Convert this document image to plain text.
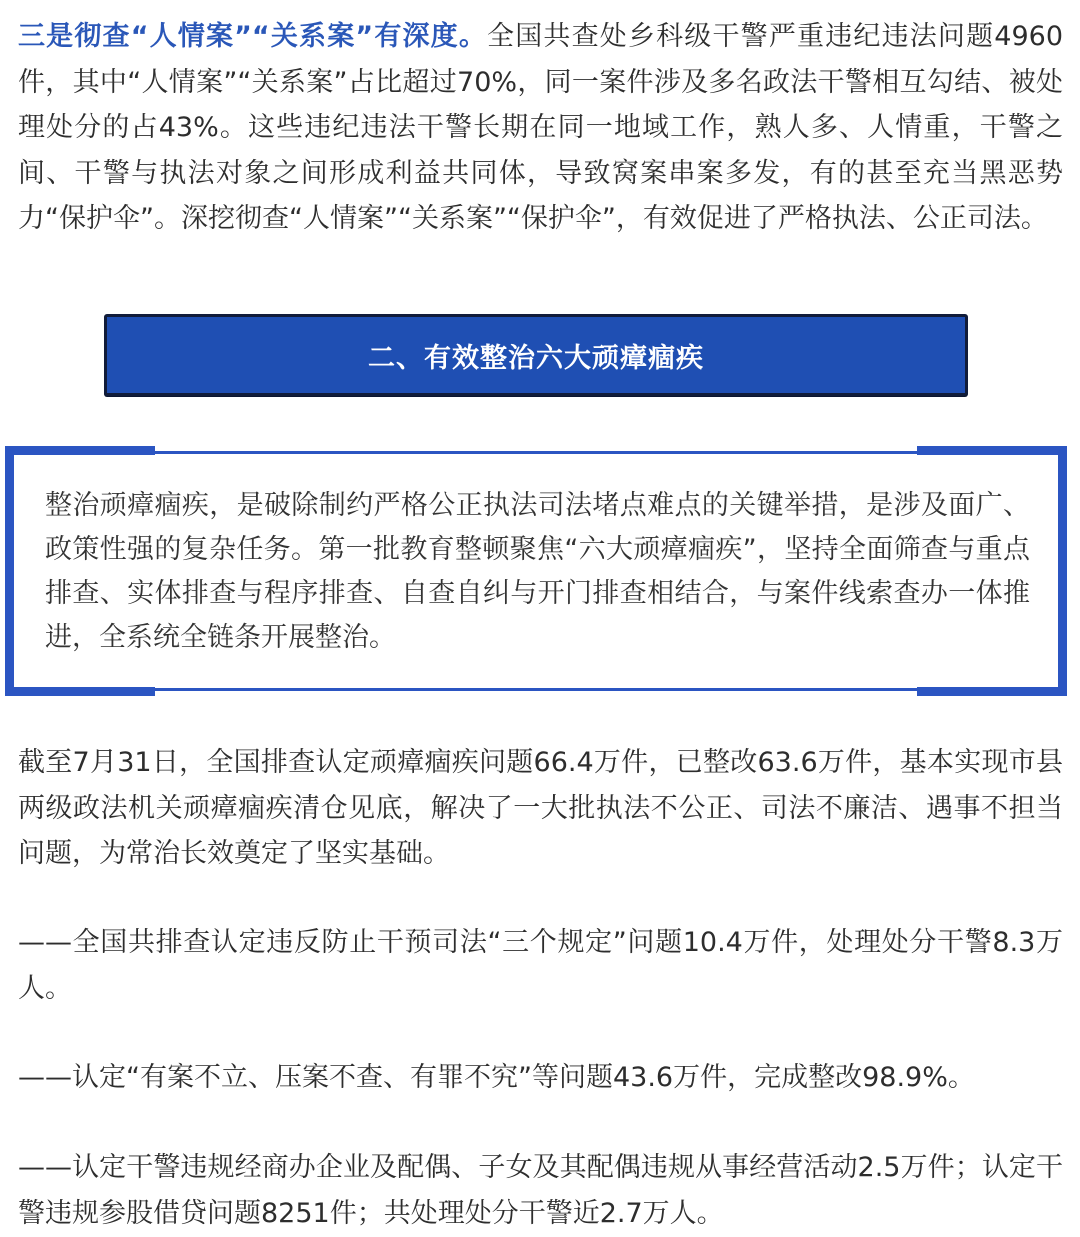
三是彻查“人情案”“关系案”有深度。全国共查处乡科级干警严重违纪违法问题4960件，其中“人情案”“关系案”占比超过70%，同一案件涉及多名政法干警相互勾结、被处理处分的占43%。这些违纪违法干警长期在同一地域工作，熟人多、人情重，干警之间、干警与执法对象之间形成利益共同体，导致窝案串案多发，有的甚至充当黑恶势力“保护伞”。深挖彻查“人情案”“关系案”“保护伞”，有效促进了严格执法、公正司法。

二、有效整治六大顽瘴痼疾

整治顽瘴痼疾，是破除制约严格公正执法司法堵点难点的关键举措，是涉及面广、政策性强的复杂任务。第一批教育整顿聚焦“六大顽瘴痼疾”，坚持全面筛查与重点排查、实体排查与程序排查、自查自纠与开门排查相结合，与案件线索查办一体推进，全系统全链条开展整治。

截至7月31日，全国排查认定顽瘴痼疾问题66.4万件，已整改63.6万件，基本实现市县两级政法机关顽瘴痼疾清仓见底，解决了一大批执法不公正、司法不廉洁、遇事不担当问题，为常治长效奠定了坚实基础。

——全国共排查认定违反防止干预司法“三个规定”问题10.4万件，处理处分干警8.3万人。

——认定“有案不立、压案不查、有罪不究”等问题43.6万件，完成整改98.9%。

——认定干警违规经商办企业及配偶、子女及其配偶违规从事经营活动2.5万件；认定干警违规参股借贷问题8251件；共处理处分干警近2.7万人。
